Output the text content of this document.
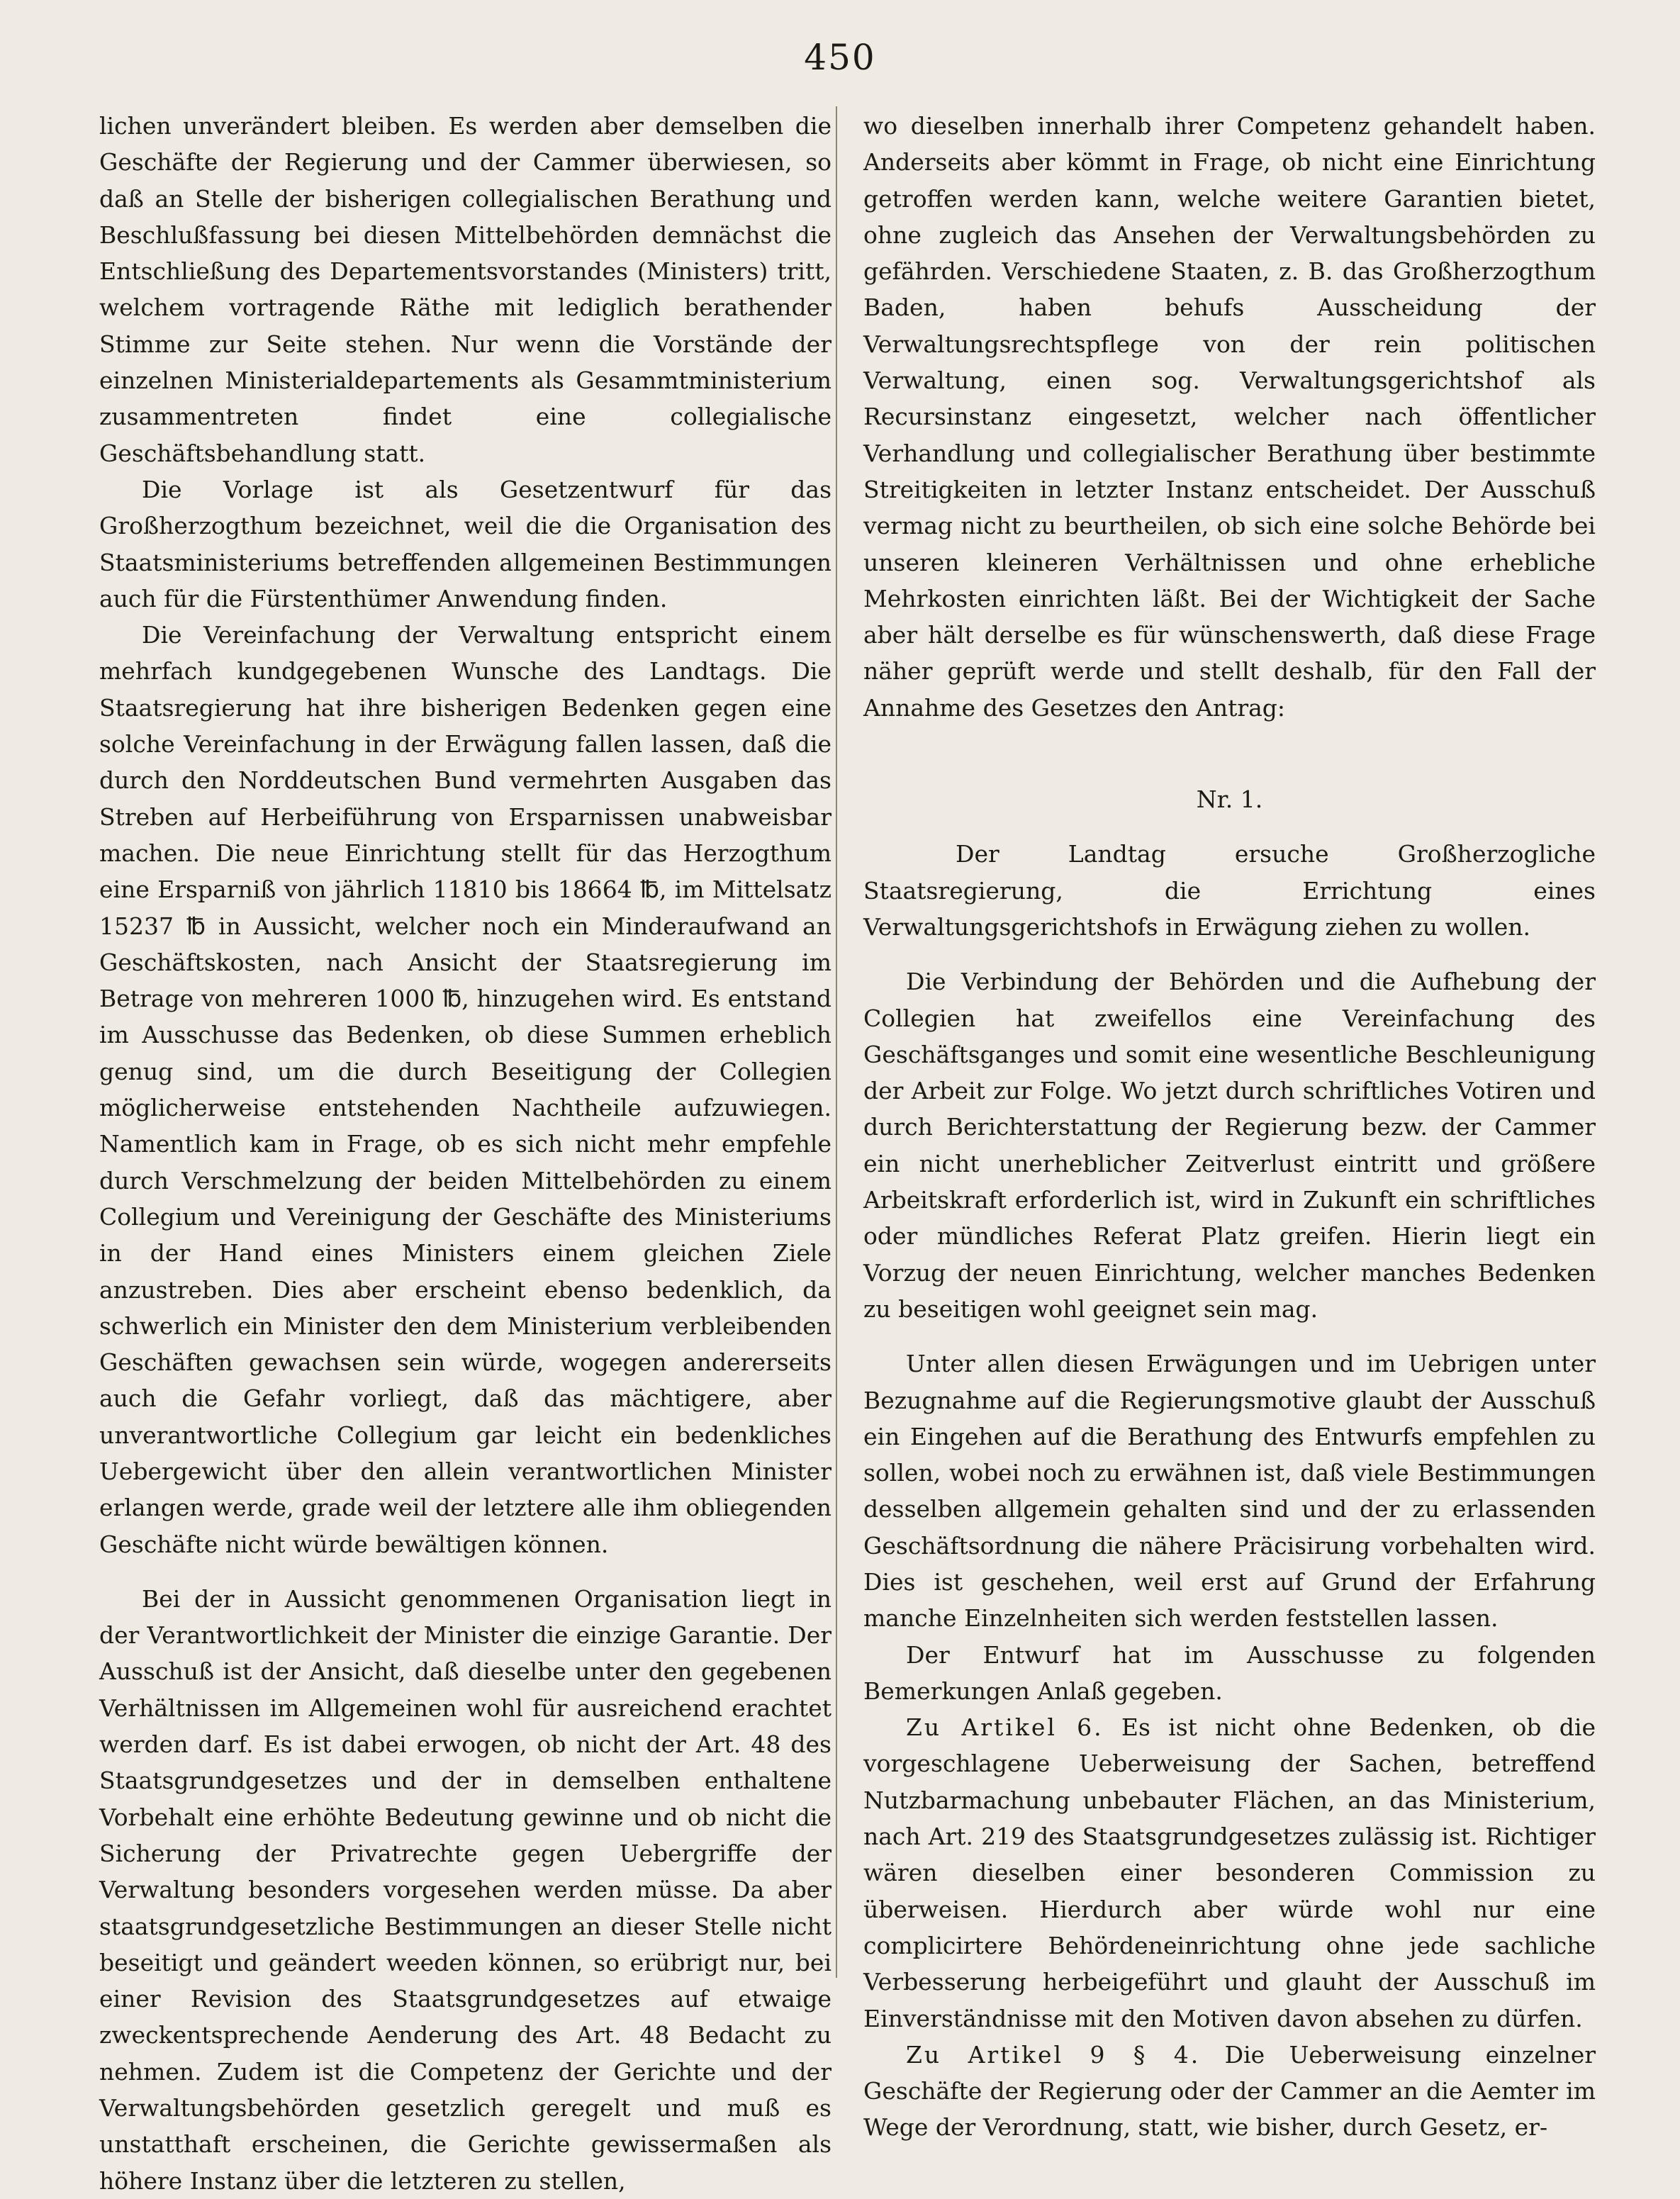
450

lichen unverändert bleiben. Es werden aber demselben die Geschäfte der Regierung und der Cammer überwiesen, so daß an Stelle der bisherigen collegialischen Berathung und Beschlußfassung bei diesen Mittelbehörden demnächst die Entschließung des Departementsvorstandes (Ministers) tritt, welchem vortragende Räthe mit lediglich berathender Stimme zur Seite stehen. Nur wenn die Vorstände der einzelnen Ministerialdepartements als Gesammtministerium zusammentreten findet eine collegialische Geschäftsbehandlung statt.

Die Vorlage ist als Gesetzentwurf für das Großherzogthum bezeichnet, weil die die Organisation des Staatsministeriums betreffenden allgemeinen Bestimmungen auch für die Fürstenthümer Anwendung finden.

Die Vereinfachung der Verwaltung entspricht einem mehrfach kundgegebenen Wunsche des Landtags. Die Staatsregierung hat ihre bisherigen Bedenken gegen eine solche Vereinfachung in der Erwägung fallen lassen, daß die durch den Norddeutschen Bund vermehrten Ausgaben das Streben auf Herbeiführung von Ersparnissen unabweisbar machen. Die neue Einrichtung stellt für das Herzogthum eine Ersparniß von jährlich 11810 bis 18664 ℔, im Mittelsatz 15237 ℔ in Aussicht, welcher noch ein Minderaufwand an Geschäftskosten, nach Ansicht der Staatsregierung im Betrage von mehreren 1000 ℔, hinzugehen wird. Es entstand im Ausschusse das Bedenken, ob diese Summen erheblich genug sind, um die durch Beseitigung der Collegien möglicherweise entstehenden Nachtheile aufzuwiegen. Namentlich kam in Frage, ob es sich nicht mehr empfehle durch Verschmelzung der beiden Mittelbehörden zu einem Collegium und Vereinigung der Geschäfte des Ministeriums in der Hand eines Ministers einem gleichen Ziele anzustreben. Dies aber erscheint ebenso bedenklich, da schwerlich ein Minister den dem Ministerium verbleibenden Geschäften gewachsen sein würde, wogegen andererseits auch die Gefahr vorliegt, daß das mächtigere, aber unverantwortliche Collegium gar leicht ein bedenkliches Uebergewicht über den allein verantwortlichen Minister erlangen werde, grade weil der letztere alle ihm obliegenden Geschäfte nicht würde bewältigen können.

Bei der in Aussicht genommenen Organisation liegt in der Verantwortlichkeit der Minister die einzige Garantie. Der Ausschuß ist der Ansicht, daß dieselbe unter den gegebenen Verhältnissen im Allgemeinen wohl für ausreichend erachtet werden darf. Es ist dabei erwogen, ob nicht der Art. 48 des Staatsgrundgesetzes und der in demselben enthaltene Vorbehalt eine erhöhte Bedeutung gewinne und ob nicht die Sicherung der Privatrechte gegen Uebergriffe der Verwaltung besonders vorgesehen werden müsse. Da aber staatsgrundgesetzliche Bestimmungen an dieser Stelle nicht beseitigt und geändert weeden können, so erübrigt nur, bei einer Revision des Staatsgrundgesetzes auf etwaige zweckentsprechende Aenderung des Art. 48 Bedacht zu nehmen. Zudem ist die Competenz der Gerichte und der Verwaltungsbehörden gesetzlich geregelt und muß es unstatthaft erscheinen, die Gerichte gewissermaßen als höhere Instanz über die letzteren zu stellen,

wo dieselben innerhalb ihrer Competenz gehandelt haben. Anderseits aber kömmt in Frage, ob nicht eine Einrichtung getroffen werden kann, welche weitere Garantien bietet, ohne zugleich das Ansehen der Verwaltungsbehörden zu gefährden. Verschiedene Staaten, z. B. das Großherzogthum Baden, haben behufs Ausscheidung der Verwaltungsrechtspflege von der rein politischen Verwaltung, einen sog. Verwaltungsgerichtshof als Recursinstanz eingesetzt, welcher nach öffentlicher Verhandlung und collegialischer Berathung über bestimmte Streitigkeiten in letzter Instanz entscheidet. Der Ausschuß vermag nicht zu beurtheilen, ob sich eine solche Behörde bei unseren kleineren Verhältnissen und ohne erhebliche Mehrkosten einrichten läßt. Bei der Wichtigkeit der Sache aber hält derselbe es für wünschenswerth, daß diese Frage näher geprüft werde und stellt deshalb, für den Fall der Annahme des Gesetzes den Antrag:

Nr. 1.

Der Landtag ersuche Großherzogliche Staatsregierung, die Errichtung eines Verwaltungsgerichtshofs in Erwägung ziehen zu wollen.

Die Verbindung der Behörden und die Aufhebung der Collegien hat zweifellos eine Vereinfachung des Geschäftsganges und somit eine wesentliche Beschleunigung der Arbeit zur Folge. Wo jetzt durch schriftliches Votiren und durch Berichterstattung der Regierung bezw. der Cammer ein nicht unerheblicher Zeitverlust eintritt und größere Arbeitskraft erforderlich ist, wird in Zukunft ein schriftliches oder mündliches Referat Platz greifen. Hierin liegt ein Vorzug der neuen Einrichtung, welcher manches Bedenken zu beseitigen wohl geeignet sein mag.

Unter allen diesen Erwägungen und im Uebrigen unter Bezugnahme auf die Regierungsmotive glaubt der Ausschuß ein Eingehen auf die Berathung des Entwurfs empfehlen zu sollen, wobei noch zu erwähnen ist, daß viele Bestimmungen desselben allgemein gehalten sind und der zu erlassenden Geschäftsordnung die nähere Präcisirung vorbehalten wird. Dies ist geschehen, weil erst auf Grund der Erfahrung manche Einzelnheiten sich werden feststellen lassen.

Der Entwurf hat im Ausschusse zu folgenden Bemerkungen Anlaß gegeben.

Zu Artikel 6. Es ist nicht ohne Bedenken, ob die vorgeschlagene Ueberweisung der Sachen, betreffend Nutzbarmachung unbebauter Flächen, an das Ministerium, nach Art. 219 des Staatsgrundgesetzes zulässig ist. Richtiger wären dieselben einer besonderen Commission zu überweisen. Hierdurch aber würde wohl nur eine complicirtere Behördeneinrichtung ohne jede sachliche Verbesserung herbeigeführt und glauht der Ausschuß im Einverständnisse mit den Motiven davon absehen zu dürfen.

Zu Artikel 9 § 4. Die Ueberweisung einzelner Geschäfte der Regierung oder der Cammer an die Aemter im Wege der Verordnung, statt, wie bisher, durch Gesetz, er-
